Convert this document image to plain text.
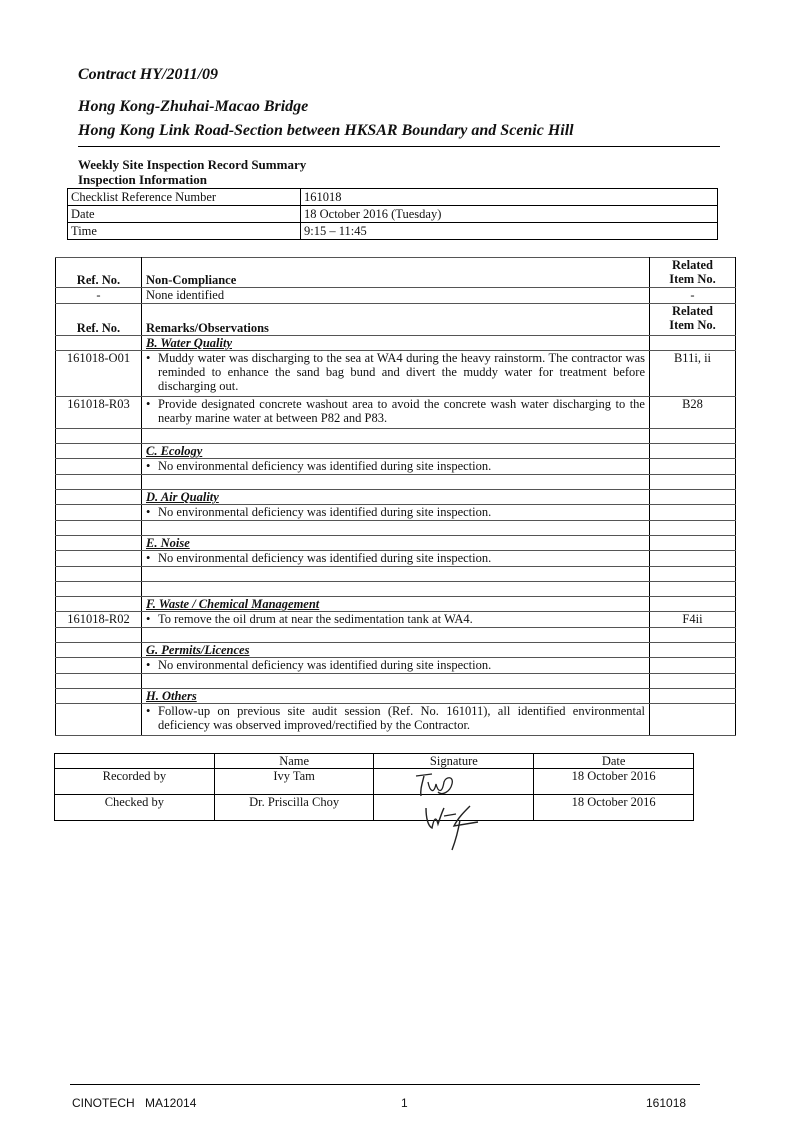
Contract HY/2011/09
Hong Kong-Zhuhai-Macao Bridge
Hong Kong Link Road-Section between HKSAR Boundary and Scenic Hill
Weekly Site Inspection Record Summary
Inspection Information
Checklist Reference Number	161018
Date	18 October 2016 (Tuesday)
Time	9:15 – 11:45
Ref. No.	Non-Compliance	Related
Item No.
-	None identified	-
Ref. No.	Remarks/Observations	Related
Item No.
	B. Water Quality	
161018-O01	• Muddy water was discharging to the sea at WA4 during the heavy rainstorm. The contractor was reminded to enhance the sand bag bund and divert the muddy water for treatment before discharging out.	B11i, ii
161018-R03	• Provide designated concrete washout area to avoid the concrete wash water discharging to the nearby marine water at between P82 and P83.	B28

	C. Ecology	

	• No environmental deficiency was identified during site inspection.	

	D. Air Quality	

	• No environmental deficiency was identified during site inspection.	

	E. Noise	

	• No environmental deficiency was identified during site inspection.	

	F. Waste / Chemical Management	
161018-R02	• To remove the oil drum at near the sedimentation tank at WA4.	F4ii

	G. Permits/Licences	

	• No environmental deficiency was identified during site inspection.	

	H. Others	

	• Follow-up on previous site audit session (Ref. No. 161011), all identified environmental deficiency was observed improved/rectified by the Contractor.	

	Name	Signature	Date
Recorded by	Ivy Tam		18 October 2016
Checked by	Dr. Priscilla Choy		18 October 2016
CINOTECH MA12014	1	161018
